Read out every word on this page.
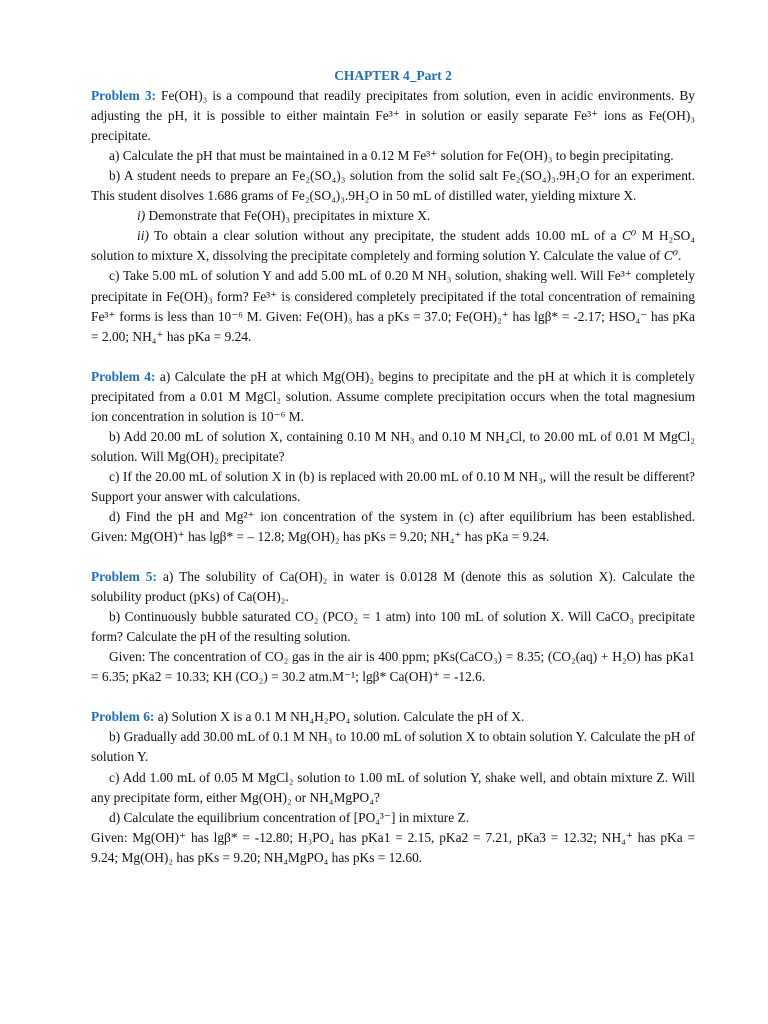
CHAPTER 4_Part 2

Problem 3: Fe(OH)₃ is a compound that readily precipitates from solution, even in acidic environments. By adjusting the pH, it is possible to either maintain Fe³⁺ in solution or easily separate Fe³⁺ ions as Fe(OH)₃ precipitate.

a) Calculate the pH that must be maintained in a 0.12 M Fe³⁺ solution for Fe(OH)₃ to begin precipitating.

b) A student needs to prepare an Fe₂(SO₄)₃ solution from the solid salt Fe₂(SO₄)₃.9H₂O for an experiment. This student disolves 1.686 grams of Fe₂(SO₄)₃.9H₂O in 50 mL of distilled water, yielding mixture X.

i) Demonstrate that Fe(OH)₃ precipitates in mixture X.

ii) To obtain a clear solution without any precipitate, the student adds 10.00 mL of a C⁰ M H₂SO₄ solution to mixture X, dissolving the precipitate completely and forming solution Y. Calculate the value of C⁰.

c) Take 5.00 mL of solution Y and add 5.00 mL of 0.20 M NH₃ solution, shaking well. Will Fe³⁺ completely precipitate in Fe(OH)₃ form? Fe³⁺ is considered completely precipitated if the total concentration of remaining Fe³⁺ forms is less than 10⁻⁶ M. Given: Fe(OH)₃ has a pKs = 37.0; Fe(OH)₂⁺ has lgβ* = -2.17; HSO₄⁻ has pKa = 2.00; NH₄⁺ has pKa = 9.24.

Problem 4: a) Calculate the pH at which Mg(OH)₂ begins to precipitate and the pH at which it is completely precipitated from a 0.01 M MgCl₂ solution. Assume complete precipitation occurs when the total magnesium ion concentration in solution is 10⁻⁶ M.

b) Add 20.00 mL of solution X, containing 0.10 M NH₃ and 0.10 M NH₄Cl, to 20.00 mL of 0.01 M MgCl₂ solution. Will Mg(OH)₂ precipitate?

c) If the 20.00 mL of solution X in (b) is replaced with 20.00 mL of 0.10 M NH₃, will the result be different? Support your answer with calculations.

d) Find the pH and Mg²⁺ ion concentration of the system in (c) after equilibrium has been established. Given: Mg(OH)⁺ has lgβ* = – 12.8; Mg(OH)₂ has pKs = 9.20; NH₄⁺ has pKa = 9.24.

Problem 5: a) The solubility of Ca(OH)₂ in water is 0.0128 M (denote this as solution X). Calculate the solubility product (pKs) of Ca(OH)₂.

b) Continuously bubble saturated CO₂ (PCO₂ = 1 atm) into 100 mL of solution X. Will CaCO₃ precipitate form? Calculate the pH of the resulting solution.

Given: The concentration of CO₂ gas in the air is 400 ppm; pKs(CaCO₃) = 8.35; (CO₂(aq) + H₂O) has pKa1 = 6.35; pKa2 = 10.33; KH (CO₂) = 30.2 atm.M⁻¹; lgβ* Ca(OH)⁺ = -12.6.

Problem 6: a) Solution X is a 0.1 M NH₄H₂PO₄ solution. Calculate the pH of X.

b) Gradually add 30.00 mL of 0.1 M NH₃ to 10.00 mL of solution X to obtain solution Y. Calculate the pH of solution Y.

c) Add 1.00 mL of 0.05 M MgCl₂ solution to 1.00 mL of solution Y, shake well, and obtain mixture Z. Will any precipitate form, either Mg(OH)₂ or NH₄MgPO₄?

d) Calculate the equilibrium concentration of [PO₄³⁻] in mixture Z.

Given: Mg(OH)⁺ has lgβ* = -12.80; H₃PO₄ has pKa1 = 2.15, pKa2 = 7.21, pKa3 = 12.32; NH₄⁺ has pKa = 9.24; Mg(OH)₂ has pKs = 9.20; NH₄MgPO₄ has pKs = 12.60.
